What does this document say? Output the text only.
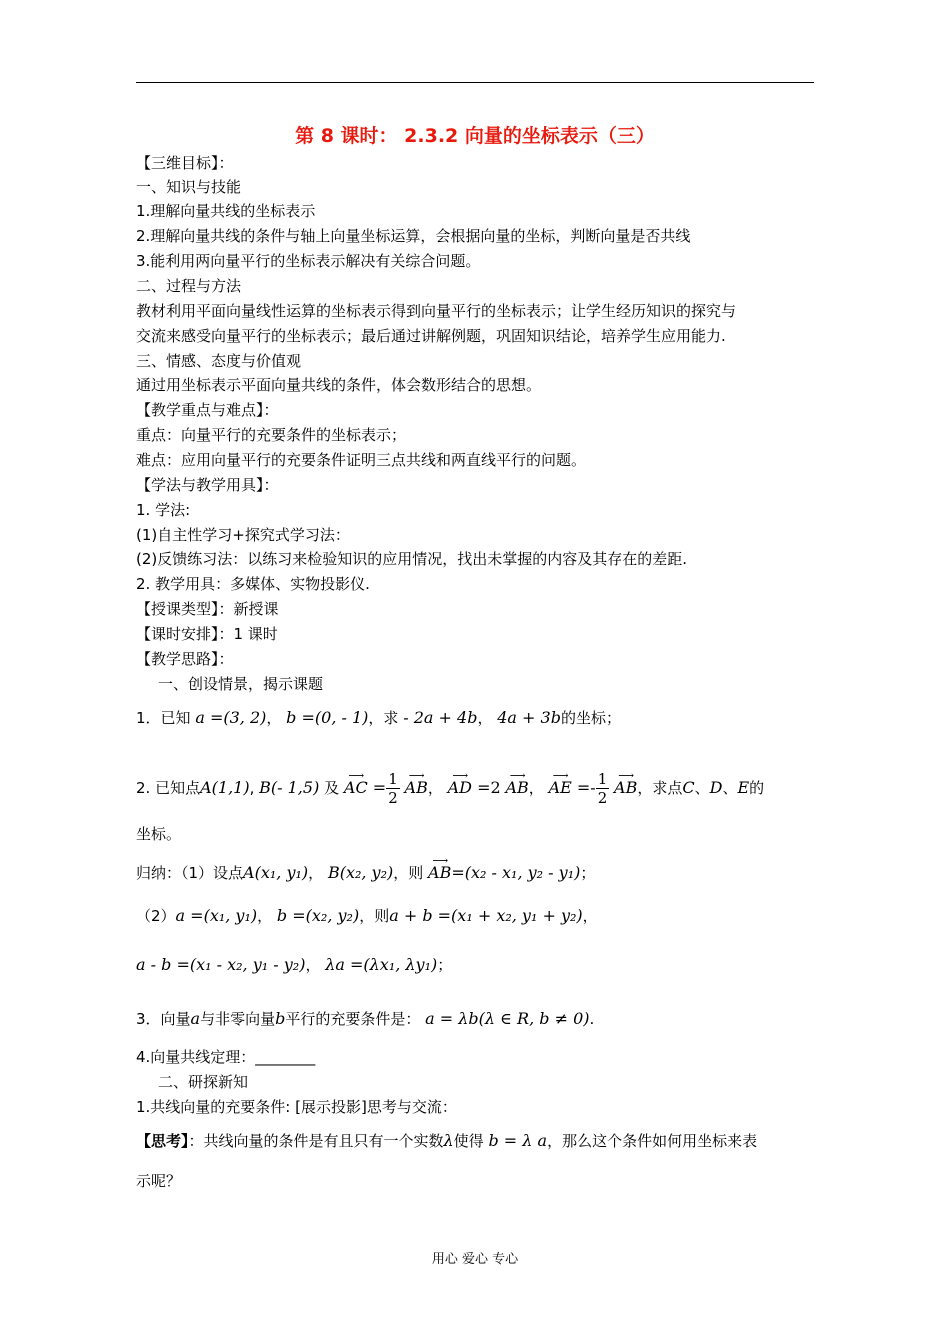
第 8 课时： 2.3.2 向量的坐标表示（三）
【三维目标】：
一、知识与技能
1.理解向量共线的坐标表示
2.理解向量共线的条件与轴上向量坐标运算，会根据向量的坐标，判断向量是否共线
3.能利用两向量平行的坐标表示解决有关综合问题。
二、过程与方法
教材利用平面向量线性运算的坐标表示得到向量平行的坐标表示；让学生经历知识的探究与
交流来感受向量平行的坐标表示；最后通过讲解例题，巩固知识结论，培养学生应用能力.
三、情感、态度与价值观
通过用坐标表示平面向量共线的条件，体会数形结合的思想。
【教学重点与难点】：
重点：向量平行的充要条件的坐标表示；
难点：应用向量平行的充要条件证明三点共线和两直线平行的问题。
【学法与教学用具】：
1. 学法:
(1)自主性学习+探究式学习法：
(2)反馈练习法：以练习来检验知识的应用情况，找出未掌握的内容及其存在的差距.
2. 教学用具：多媒体、实物投影仪.
【授课类型】：新授课
【课时安排】：1 课时
【教学思路】：
一、创设情景，揭示课题
1．已知 a =(3, 2)， b =(0, - 1)，求 - 2a + 4b， 4a + 3b的坐标；
2. 已知点A(1,1), B(- 1,5) 及 ⟶ AC = $\frac{1}{2}$ ⟶ AB， ⟶ AD =2 ⟶ AB， ⟶ AE =- $\frac{1}{2}$ ⟶ AB，求点C、D、E的
坐标。
归纳：（1）设点A(x₁, y₁)， B(x₂, y₂)，则 ⟶ AB=(x₂ - x₁, y₂ - y₁)；
（2）a =(x₁, y₁)， b =(x₂, y₂)，则a + b =(x₁ + x₂, y₁ + y₂)，
a - b =(x₁ - x₂, y₁ - y₂)， λa =(λx₁, λy₁)；
3．向量a与非零向量b平行的充要条件是： a = λb(λ ∈ R, b ≠ 0).
4.向量共线定理：________
二、研探新知
1.共线向量的充要条件: [展示投影]思考与交流：
【思考】：共线向量的条件是有且只有一个实数λ使得 b = λ a，那么这个条件如何用坐标来表
示呢？
用心 爱心 专心
